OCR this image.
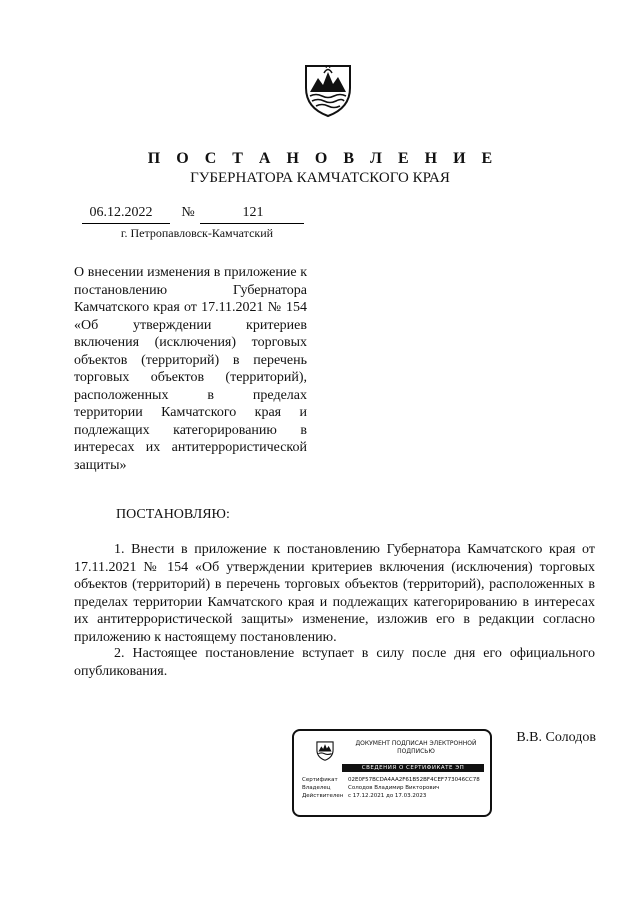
П О С Т А Н О В Л Е Н И Е
ГУБЕРНАТОРА КАМЧАТСКОГО КРАЯ
06.12.2022 №	121
г. Петропавловск-Камчатский
О внесении изменения в приложение к постановлению Губернатора Камчатского края от 17.11.2021 № 154 «Об утверждении критериев включения (исключения) торговых объектов (территорий) в перечень торговых объектов (территорий), расположенных в пределах территории Камчатского края и подлежащих категорированию в интересах их антитеррористической защиты»
ПОСТАНОВЛЯЮ:
1. Внести в приложение к постановлению Губернатора Камчатского края от 17.11.2021 № 154 «Об утверждении критериев включения (исключения) торговых объектов (территорий) в перечень торговых объектов (территорий), расположенных в пределах территории Камчатского края и подлежащих категорированию в интересах их антитеррористической защиты» изменение, изложив его в редакции согласно приложению к настоящему постановлению.
2. Настоящее постановление вступает в силу после дня его официального опубликования.
ДОКУМЕНТ ПОДПИСАН ЭЛЕКТРОННОЙ ПОДПИСЬЮ
СВЕДЕНИЯ О СЕРТИФИКАТЕ ЭП
Сертификат	02E0F57BCDA4AA2F61B52BF4CEF773046CC78
Владелец	Солодов Владимир Викторович
Действителен с 17.12.2021 до 17.03.2023
В.В. Солодов
